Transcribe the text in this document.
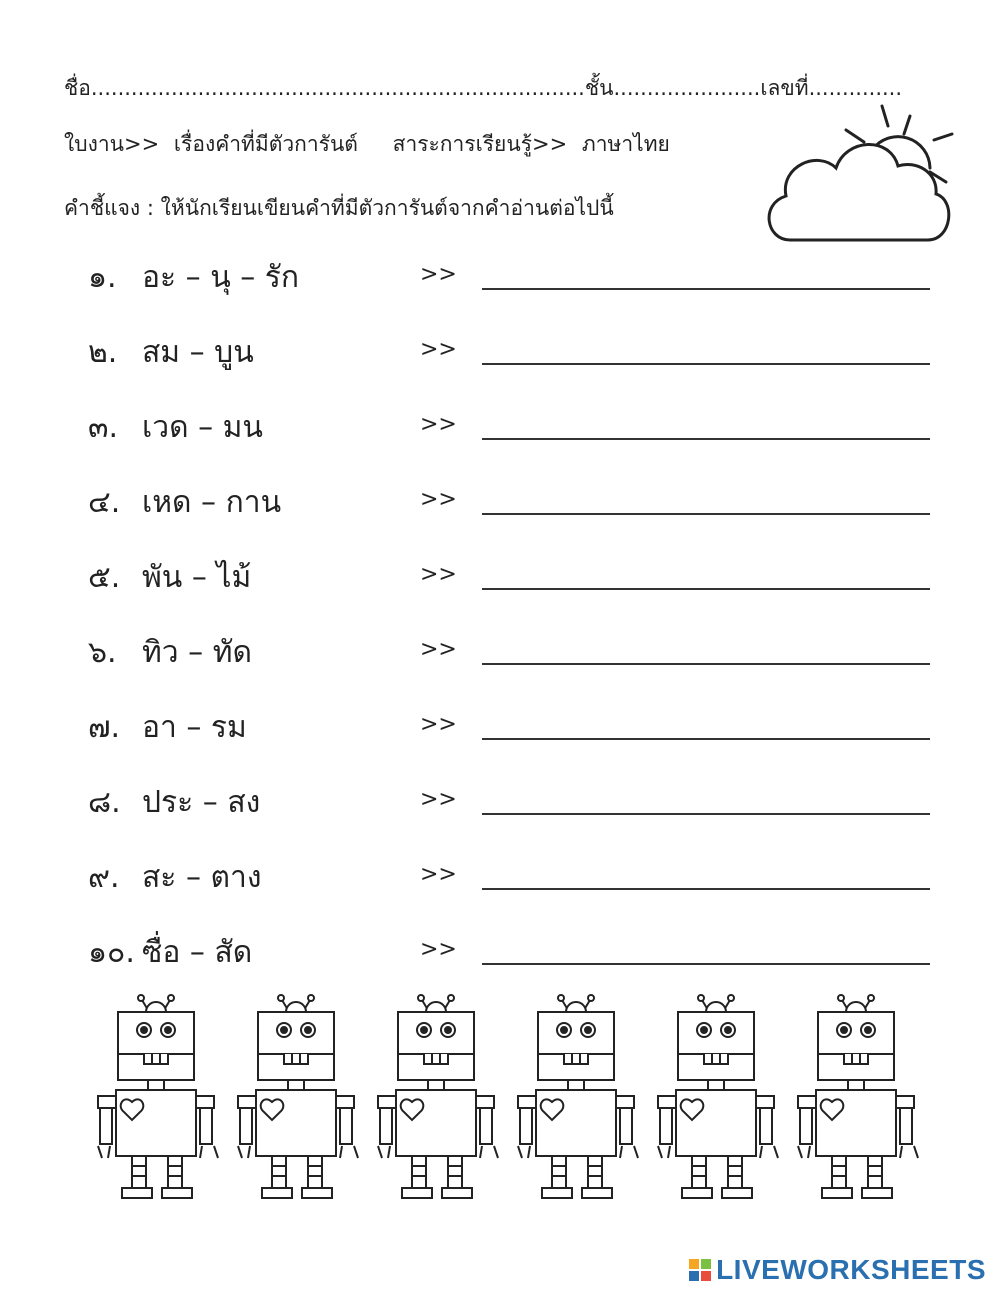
ชื่อ..........................................................................ชั้น......................เลขที่..............
ใบงาน>> เรื่องคำที่มีตัวการันต์ สาระการเรียนรู้>> ภาษาไทย
คำชี้แจง : ให้นักเรียนเขียนคำที่มีตัวการันต์จากคำอ่านต่อไปนี้
๑. อะ – นุ – รัก	>>
๒. สม – บูน	>>
๓. เวด – มน	>>
๔. เหด – กาน	>>
๕. พัน – ไม้	>>
๖. ทิว – ทัด	>>
๗. อา – รม	>>
๘. ประ – สง	>>
๙. สะ – ตาง	>>
๑๐. ซื่อ – สัด	>>
LIVEWORKSHEETS
